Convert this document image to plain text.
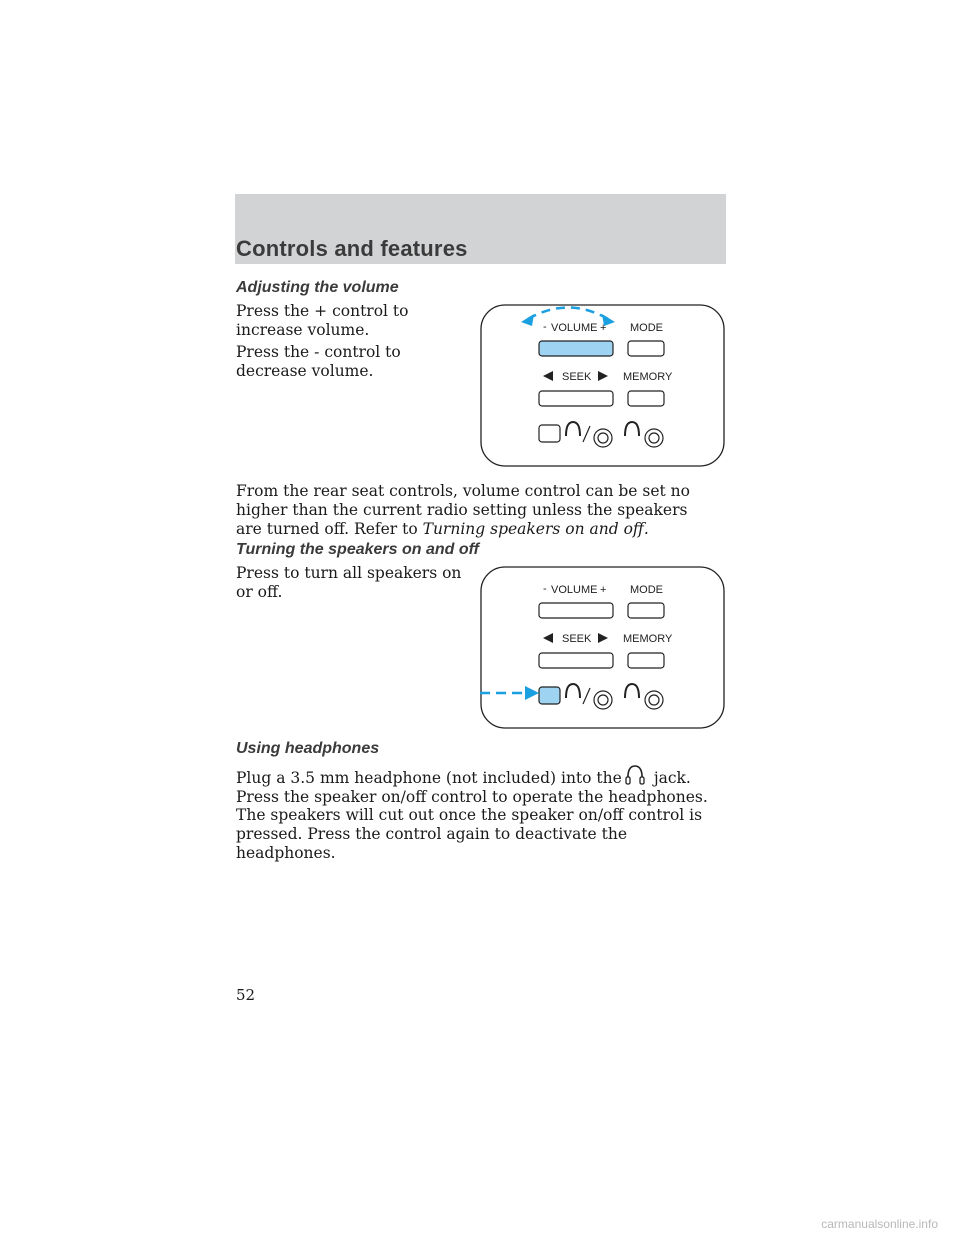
Controls and features
Adjusting the volume

Press the + control to increase volume.

Press the - control to decrease volume.

- VOLUME + MODE
SEEK	MEMORY

From the rear seat controls, volume control can be set no higher than the current radio setting unless the speakers are turned off. Refer to Turning speakers on and off.

Turning the speakers on and off

Press to turn all speakers on or off.	- VOLUME + MODE
SEEK	MEMORY
Using headphones

Plug a 3.5 mm headphone (not included) into the jack. Press the speaker on/off control to operate the headphones.

The speakers will cut out once the speaker on/off control is pressed. Press the control again to deactivate the headphones.

52
carmanualsonline.info
